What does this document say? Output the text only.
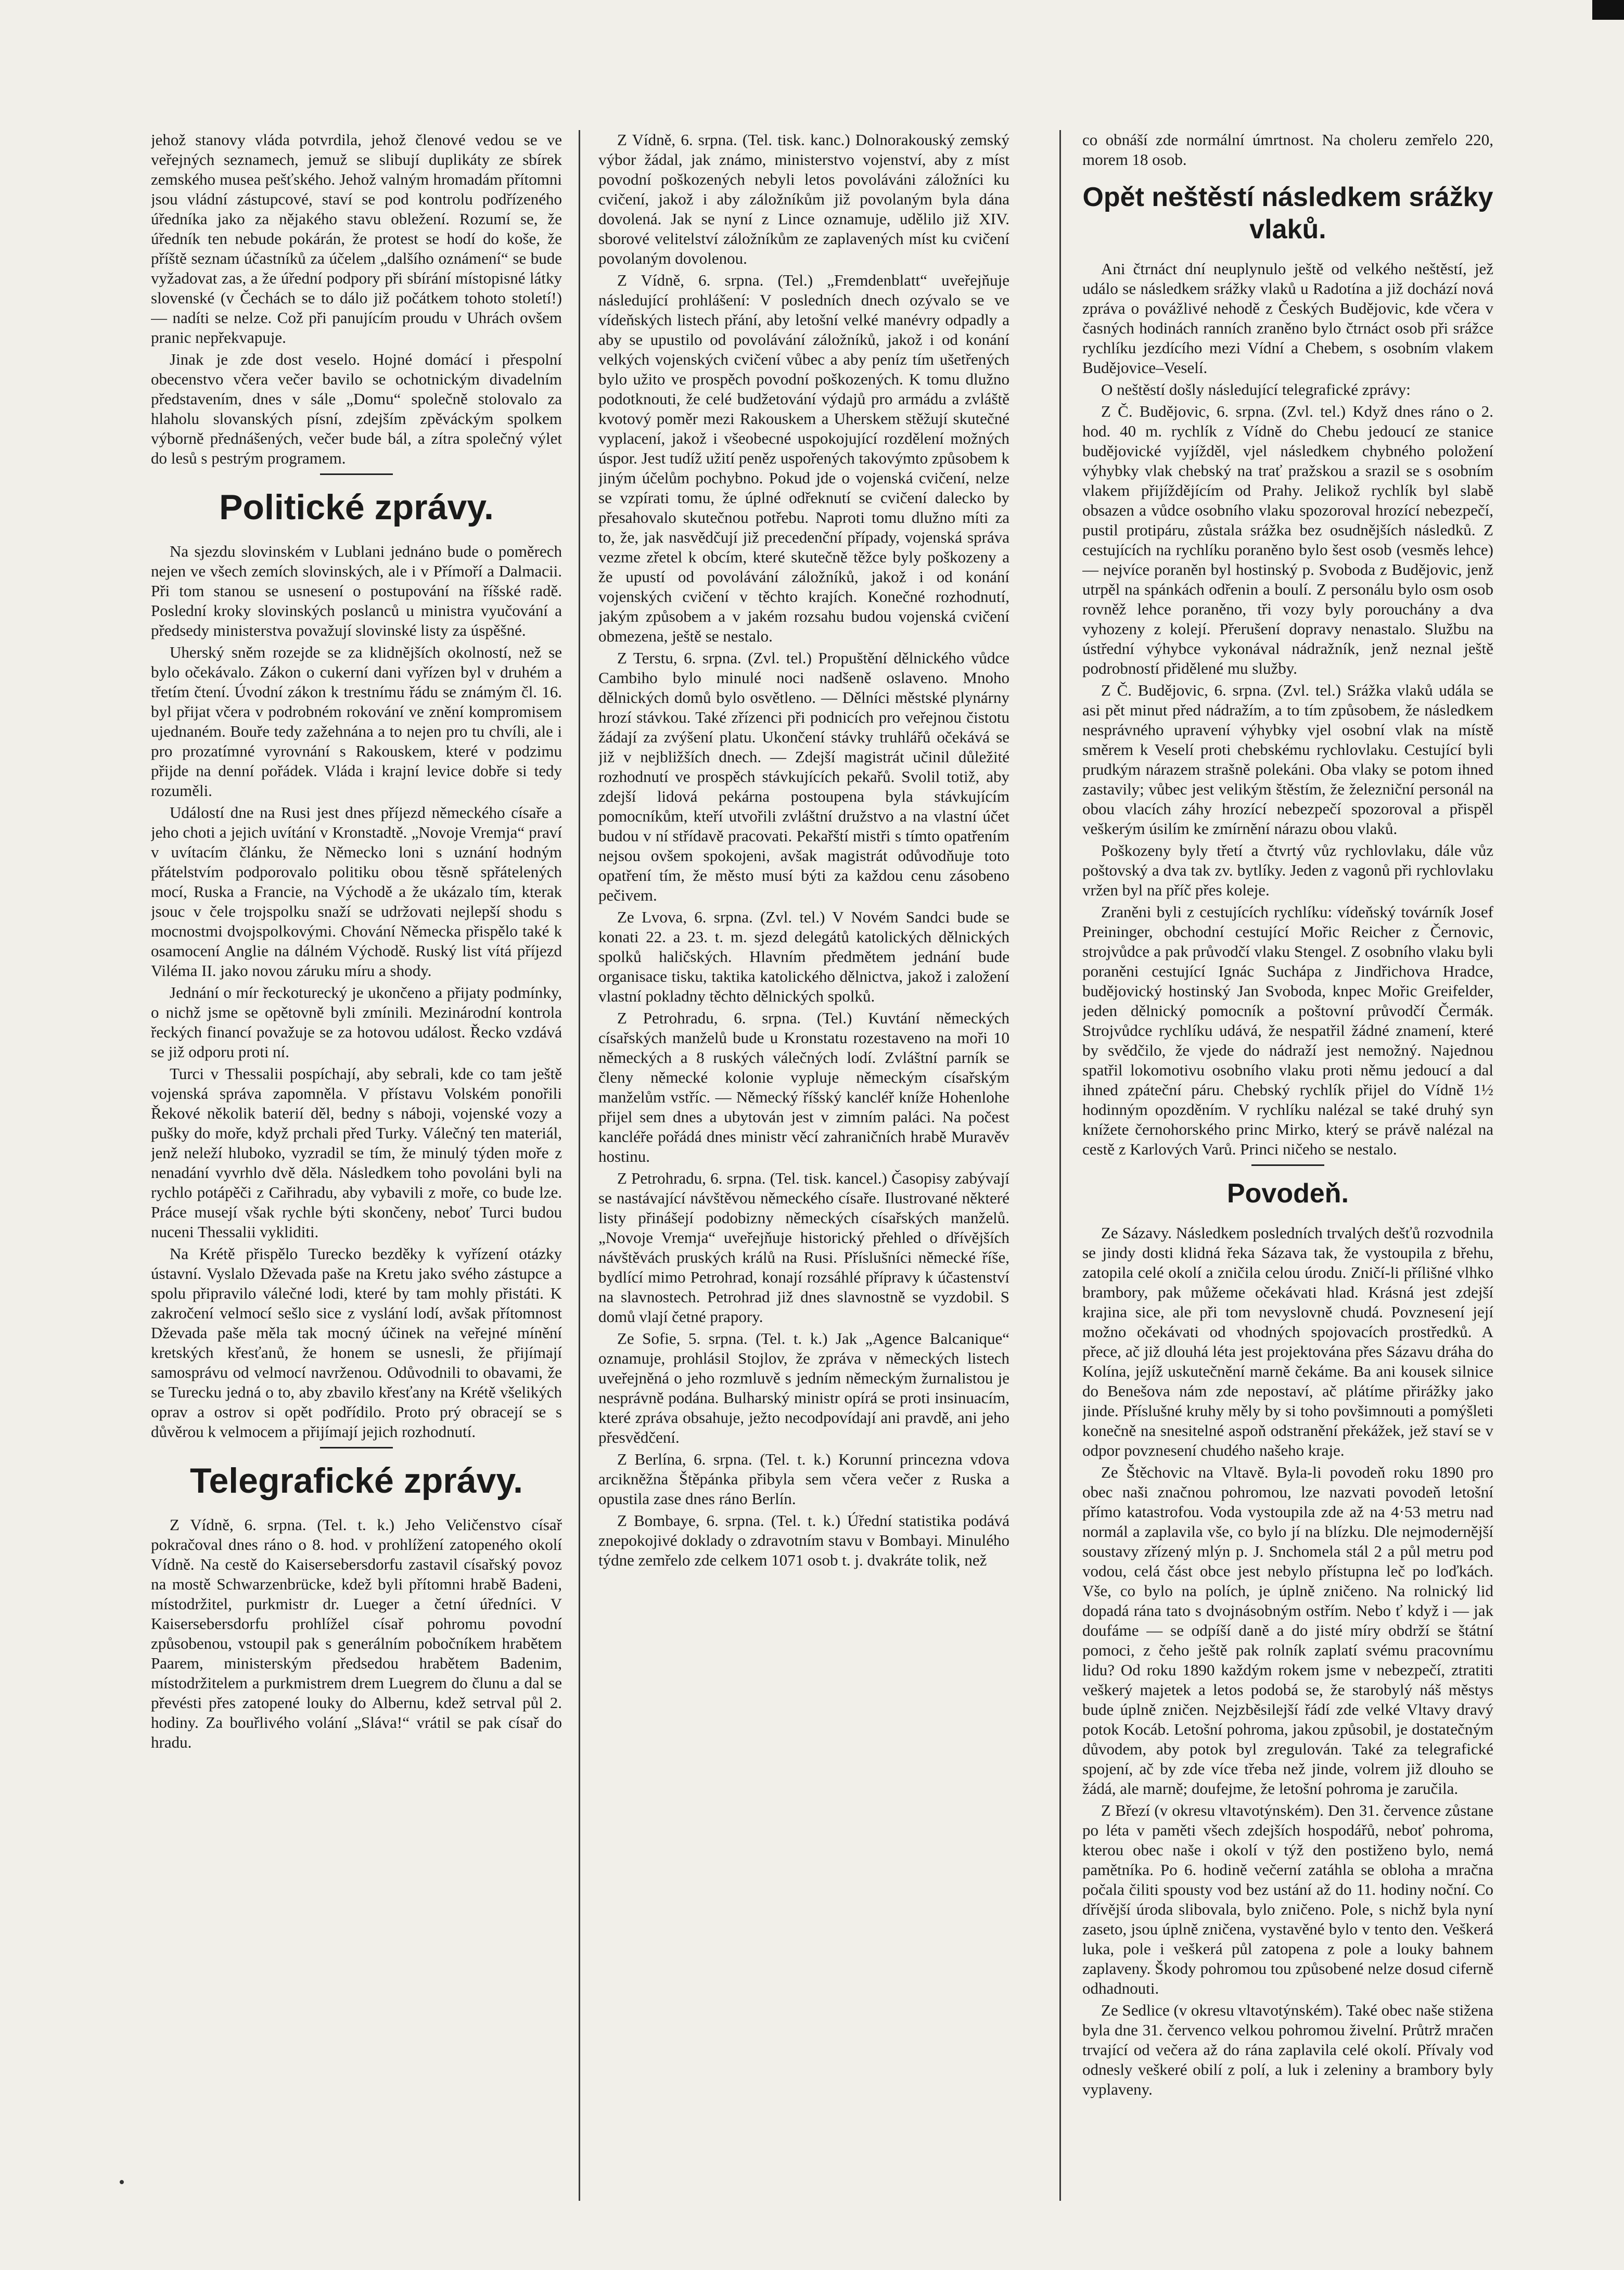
jehož stanovy vláda potvrdila, jehož členové vedou se ve veřejných seznamech, jemuž se slibují duplikáty ze sbírek zemského musea pešťského. Jehož valným hromadám přítomni jsou vládní zástupcové, staví se pod kontrolu podřízeného úředníka jako za nějakého stavu obležení. Rozumí se, že úředník ten nebude pokárán, že protest se hodí do koše, že příště seznam účastníků za účelem „dalšího oznámení“ se bude vyžadovat zas, a že úřední podpory při sbírání místopisné látky slovenské (v Čechách se to dálo již počátkem tohoto století!) — nadíti se nelze. Což při panujícím proudu v Uhrách ovšem pranic nepřekvapuje.

Jinak je zde dost veselo. Hojné domácí i přespolní obecenstvo včera večer bavilo se ochotnickým divadelním představením, dnes v sále „Domu“ společně stolovalo za hlaholu slovanských písní, zdejším zpěváckým spolkem výborně přednášených, večer bude bál, a zítra společný výlet do lesů s pestrým programem.

Politické zprávy.

Na sjezdu slovinském v Lublani jednáno bude o poměrech nejen ve všech zemích slovinských, ale i v Přímoří a Dalmacii. Při tom stanou se usnesení o postupování na říšské radě. Poslední kroky slovinských poslanců u ministra vyučování a předsedy ministerstva považují slovinské listy za úspěšné.

Uherský sněm rozejde se za klidnějších okolností, než se bylo očekávalo. Zákon o cukerní dani vyřízen byl v druhém a třetím čtení. Úvodní zákon k trestnímu řádu se známým čl. 16. byl přijat včera v podrobném rokování ve znění kompromisem ujednaném. Bouře tedy zažehnána a to nejen pro tu chvíli, ale i pro prozatímné vyrovnání s Rakouskem, které v podzimu přijde na denní pořádek. Vláda i krajní levice dobře si tedy rozuměli.

Událostí dne na Rusi jest dnes příjezd německého císaře a jeho choti a jejich uvítání v Kronstadtě. „Novoje Vremja“ praví v uvítacím článku, že Německo loni s uznání hodným přátelstvím podporovalo politiku obou těsně spřátelených mocí, Ruska a Francie, na Východě a že ukázalo tím, kterak jsouc v čele trojspolku snaží se udržovati nejlepší shodu s mocnostmi dvojspolkovými. Chování Německa přispělo také k osamocení Anglie na dálném Východě. Ruský list vítá příjezd Viléma II. jako novou záruku míru a shody.

Jednání o mír řeckoturecký je ukončeno a přijaty podmínky, o nichž jsme se opětovně byli zmínili. Mezinárodní kontrola řeckých financí považuje se za hotovou událost. Řecko vzdává se již odporu proti ní.

Turci v Thessalii pospíchají, aby sebrali, kde co tam ještě vojenská správa zapomněla. V přístavu Volském ponořili Řekové několik baterií děl, bedny s náboji, vojenské vozy a pušky do moře, když prchali před Turky. Válečný ten materiál, jenž neleží hluboko, vyzradil se tím, že minulý týden moře z nenadání vyvrhlo dvě děla. Následkem toho povoláni byli na rychlo potápěči z Cařihradu, aby vybavili z moře, co bude lze. Práce musejí však rychle býti skončeny, neboť Turci budou nuceni Thessalii vykliditi.

Na Krétě přispělo Turecko bezděky k vyřízení otázky ústavní. Vyslalo Dževada paše na Kretu jako svého zástupce a spolu připravilo válečné lodi, které by tam mohly přistáti. K zakročení velmocí sešlo sice z vyslání lodí, avšak přítomnost Dževada paše měla tak mocný účinek na veřejné mínění kretských křesťanů, že honem se usnesli, že přijímají samosprávu od velmocí navrženou. Odůvodnili to obavami, že se Turecku jedná o to, aby zbavilo křesťany na Krétě všelikých oprav a ostrov si opět podřídilo. Proto prý obracejí se s důvěrou k velmocem a přijímají jejich rozhodnutí.

Telegrafické zprávy.

Z Vídně, 6. srpna. (Tel. t. k.) Jeho Veličenstvo císař pokračoval dnes ráno o 8. hod. v prohlížení zatopeného okolí Vídně. Na cestě do Kaisersebersdorfu zastavil císařský povoz na mostě Schwarzenbrücke, kdež byli přítomni hrabě Badeni, místodržitel, purkmistr dr. Lueger a četní úředníci. V Kaisersebersdorfu prohlížel císař pohromu povodní způsobenou, vstoupil pak s generálním pobočníkem hrabětem Paarem, ministerským předsedou hrabětem Badenim, místodržitelem a purkmistrem drem Luegrem do člunu a dal se převésti přes zatopené louky do Albernu, kdež setrval půl 2. hodiny. Za bouřlivého volání „Sláva!“ vrátil se pak císař do hradu.

Z Vídně, 6. srpna. (Tel. tisk. kanc.) Dolnorakouský zemský výbor žádal, jak známo, ministerstvo vojenství, aby z míst povodní poškozených nebyli letos povoláváni záložníci ku cvičení, jakož i aby záložníkům již povolaným byla dána dovolená. Jak se nyní z Lince oznamuje, udělilo již XIV. sborové velitelství záložníkům ze zaplavených míst ku cvičení povolaným dovolenou.

Z Vídně, 6. srpna. (Tel.) „Fremdenblatt“ uveřejňuje následující prohlášení: V posledních dnech ozývalo se ve vídeňských listech přání, aby letošní velké manévry odpadly a aby se upustilo od povolávání záložníků, jakož i od konání velkých vojenských cvičení vůbec a aby peníz tím ušetřených bylo užito ve prospěch povodní poškozených. K tomu dlužno podotknouti, že celé budžetování výdajů pro armádu a zvláště kvotový poměr mezi Rakouskem a Uherskem stěžují skutečné vyplacení, jakož i všeobecné uspokojující rozdělení možných úspor. Jest tudíž užití peněz uspořených takovýmto způsobem k jiným účelům pochybno. Pokud jde o vojenská cvičení, nelze se vzpírati tomu, že úplné odřeknutí se cvičení dalecko by přesahovalo skutečnou potřebu. Naproti tomu dlužno míti za to, že, jak nasvědčují již precedenční případy, vojenská správa vezme zřetel k obcím, které skutečně těžce byly poškozeny a že upustí od povolávání záložníků, jakož i od konání vojenských cvičení v těchto krajích. Konečné rozhodnutí, jakým způsobem a v jakém rozsahu budou vojenská cvičení obmezena, ještě se nestalo.

Z Terstu, 6. srpna. (Zvl. tel.) Propuštění dělnického vůdce Cambiho bylo minulé noci nadšeně oslaveno. Mnoho dělnických domů bylo osvětleno. — Dělníci městské plynárny hrozí stávkou. Také zřízenci při podnicích pro veřejnou čistotu žádají za zvýšení platu. Ukončení stávky truhlářů očekává se již v nejbližších dnech. — Zdejší magistrát učinil důležité rozhodnutí ve prospěch stávkujících pekařů. Svolil totiž, aby zdejší lidová pekárna postoupena byla stávkujícím pomocníkům, kteří utvořili zvláštní družstvo a na vlastní účet budou v ní střídavě pracovati. Pekařští mistři s tímto opatřením nejsou ovšem spokojeni, avšak magistrát odůvodňuje toto opatření tím, že město musí býti za každou cenu zásobeno pečivem.

Ze Lvova, 6. srpna. (Zvl. tel.) V Novém Sandci bude se konati 22. a 23. t. m. sjezd delegátů katolických dělnických spolků haličských. Hlavním předmětem jednání bude organisace tisku, taktika katolického dělnictva, jakož i založení vlastní pokladny těchto dělnických spolků.

Z Petrohradu, 6. srpna. (Tel.) Kuvtání německých císařských manželů bude u Kronstatu rozestaveno na moři 10 německých a 8 ruských válečných lodí. Zvláštní parník se členy německé kolonie vypluje německým císařským manželům vstříc. — Německý říšský kancléř kníže Hohenlohe přijel sem dnes a ubytován jest v zimním paláci. Na počest kancléře pořádá dnes ministr věcí zahraničních hrabě Muravěv hostinu.

Z Petrohradu, 6. srpna. (Tel. tisk. kancel.) Časopisy zabývají se nastávající návštěvou německého císaře. Ilustrované některé listy přinášejí podobizny německých císařských manželů. „Novoje Vremja“ uveřejňuje historický přehled o dřívějších návštěvách pruských králů na Rusi. Příslušníci německé říše, bydlící mimo Petrohrad, konají rozsáhlé přípravy k účastenství na slavnostech. Petrohrad již dnes slavnostně se vyzdobil. S domů vlají četné prapory.

Ze Sofie, 5. srpna. (Tel. t. k.) Jak „Agence Balcanique“ oznamuje, prohlásil Stojlov, že zpráva v německých listech uveřejněná o jeho rozmluvě s jedním německým žurnalistou je nesprávně podána. Bulharský ministr opírá se proti insinuacím, které zpráva obsahuje, ježto necodpovídají ani pravdě, ani jeho přesvědčení.

Z Berlína, 6. srpna. (Tel. t. k.) Korunní princezna vdova arcikněžna Štěpánka přibyla sem včera večer z Ruska a opustila zase dnes ráno Berlín.

Z Bombaye, 6. srpna. (Tel. t. k.) Úřední statistika podává znepokojivé doklady o zdravotním stavu v Bombayi. Minulého týdne zemřelo zde celkem 1071 osob t. j. dvakráte tolik, než

co obnáší zde normální úmrtnost. Na choleru zemřelo 220, morem 18 osob.

Opět neštěstí následkem srážky vlaků.

Ani čtrnáct dní neuplynulo ještě od velkého neštěstí, jež událo se následkem srážky vlaků u Radotína a již dochází nová zpráva o povážlivé nehodě z Českých Budějovic, kde včera v časných hodinách ranních zraněno bylo čtrnáct osob při srážce rychlíku jezdícího mezi Vídní a Chebem, s osobním vlakem Budějovice–Veselí.

O neštěstí došly následující telegrafické zprávy:

Z Č. Budějovic, 6. srpna. (Zvl. tel.) Když dnes ráno o 2. hod. 40 m. rychlík z Vídně do Chebu jedoucí ze stanice budějovické vyjížděl, vjel následkem chybného položení výhybky vlak chebský na trať pražskou a srazil se s osobním vlakem přijíždějícím od Prahy. Jelikož rychlík byl slabě obsazen a vůdce osobního vlaku spozoroval hrozící nebezpečí, pustil protipáru, zůstala srážka bez osudnějších následků. Z cestujících na rychlíku poraněno bylo šest osob (vesměs lehce) — nejvíce poraněn byl hostinský p. Svoboda z Budějovic, jenž utrpěl na spánkách odřenin a boulí. Z personálu bylo osm osob rovněž lehce poraněno, tři vozy byly porouchány a dva vyhozeny z kolejí. Přerušení dopravy nenastalo. Službu na ústřední výhybce vykonával nádražník, jenž neznal ještě podrobností přidělené mu služby.

Z Č. Budějovic, 6. srpna. (Zvl. tel.) Srážka vlaků udála se asi pět minut před nádražím, a to tím způsobem, že následkem nesprávného upravení výhybky vjel osobní vlak na místě směrem k Veselí proti chebskému rychlovlaku. Cestující byli prudkým nárazem strašně polekáni. Oba vlaky se potom ihned zastavily; vůbec jest velikým štěstím, že železniční personál na obou vlacích záhy hrozící nebezpečí spozoroval a přispěl veškerým úsilím ke zmírnění nárazu obou vlaků.

Poškozeny byly třetí a čtvrtý vůz rychlovlaku, dále vůz poštovský a dva tak zv. bytlíky. Jeden z vagonů při rychlovlaku vržen byl na příč přes koleje.

Zraněni byli z cestujících rychlíku: vídeňský továrník Josef Preininger, obchodní cestující Mořic Reicher z Černovic, strojvůdce a pak průvodčí vlaku Stengel. Z osobního vlaku byli poraněni cestující Ignác Suchápa z Jindřichova Hradce, budějovický hostinský Jan Svoboda, knpec Mořic Greifelder, jeden dělnický pomocník a poštovní průvodčí Čermák. Strojvůdce rychlíku udává, že nespatřil žádné znamení, které by svědčilo, že vjede do nádraží jest nemožný. Najednou spatřil lokomotivu osobního vlaku proti němu jedoucí a dal ihned zpáteční páru. Chebský rychlík přijel do Vídně 1½ hodinným opozděním. V rychlíku nalézal se také druhý syn knížete černohorského princ Mirko, který se právě nalézal na cestě z Karlových Varů. Princi ničeho se nestalo.

Povodeň.

Ze Sázavy. Následkem posledních trvalých dešťů rozvodnila se jindy dosti klidná řeka Sázava tak, že vystoupila z břehu, zatopila celé okolí a zničila celou úrodu. Zničí-li přílišné vlhko brambory, pak můžeme očekávati hlad. Krásná jest zdejší krajina sice, ale při tom nevyslovně chudá. Povznesení její možno očekávati od vhodných spojovacích prostředků. A přece, ač již dlouhá léta jest projektována přes Sázavu dráha do Kolína, jejíž uskutečnění marně čekáme. Ba ani kousek silnice do Benešova nám zde nepostaví, ač plátíme přirážky jako jinde. Příslušné kruhy měly by si toho povšimnouti a pomýšleti konečně na snesitelné aspoň odstranění překážek, jež staví se v odpor povznesení chudého našeho kraje.

Ze Štěchovic na Vltavě. Byla-li povodeň roku 1890 pro obec naši značnou pohromou, lze nazvati povodeň letošní přímo katastrofou. Voda vystoupila zde až na 4·53 metru nad normál a zaplavila vše, co bylo jí na blízku. Dle nejmodernější soustavy zřízený mlýn p. J. Snchomela stál 2 a půl metru pod vodou, celá část obce jest nebylo přístupna leč po loďkách. Vše, co bylo na polích, je úplně zničeno. Na rolnický lid dopadá rána tato s dvojnásobným ostřím. Nebo ť když i — jak doufáme — se odpíší daně a do jisté míry obdrží se štátní pomoci, z čeho ještě pak rolník zaplatí svému pracovnímu lidu? Od roku 1890 každým rokem jsme v nebezpečí, ztratiti veškerý majetek a letos podobá se, že starobylý náš městys bude úplně zničen. Nejzběsilejší řádí zde velké Vltavy dravý potok Kocáb. Letošní pohroma, jakou způsobil, je dostatečným důvodem, aby potok byl zregulován. Také za telegrafické spojení, ač by zde více třeba než jinde, volrem již dlouho se žádá, ale marně; doufejme, že letošní pohroma je zaručila.

Z Březí (v okresu vltavotýnském). Den 31. července zůstane po léta v paměti všech zdejších hospodářů, neboť pohroma, kterou obec naše i okolí v týž den postiženo bylo, nemá pamětníka. Po 6. hodině večerní zatáhla se obloha a mračna počala čiliti spousty vod bez ustání až do 11. hodiny noční. Co dřívější úroda slibovala, bylo zničeno. Pole, s nichž byla nyní zaseto, jsou úplně zničena, vystavěné bylo v tento den. Veškerá luka, pole i veškerá půl zatopena z pole a louky bahnem zaplaveny. Škody pohromou tou způsobené nelze dosud ciferně odhadnouti.

Ze Sedlice (v okresu vltavotýnském). Také obec naše stižena byla dne 31. červenco velkou pohromou živelní. Průtrž mračen trvající od večera až do rána zaplavila celé okolí. Přívaly vod odnesly veškeré obilí z polí, a luk i zeleniny a brambory byly vyplaveny.
